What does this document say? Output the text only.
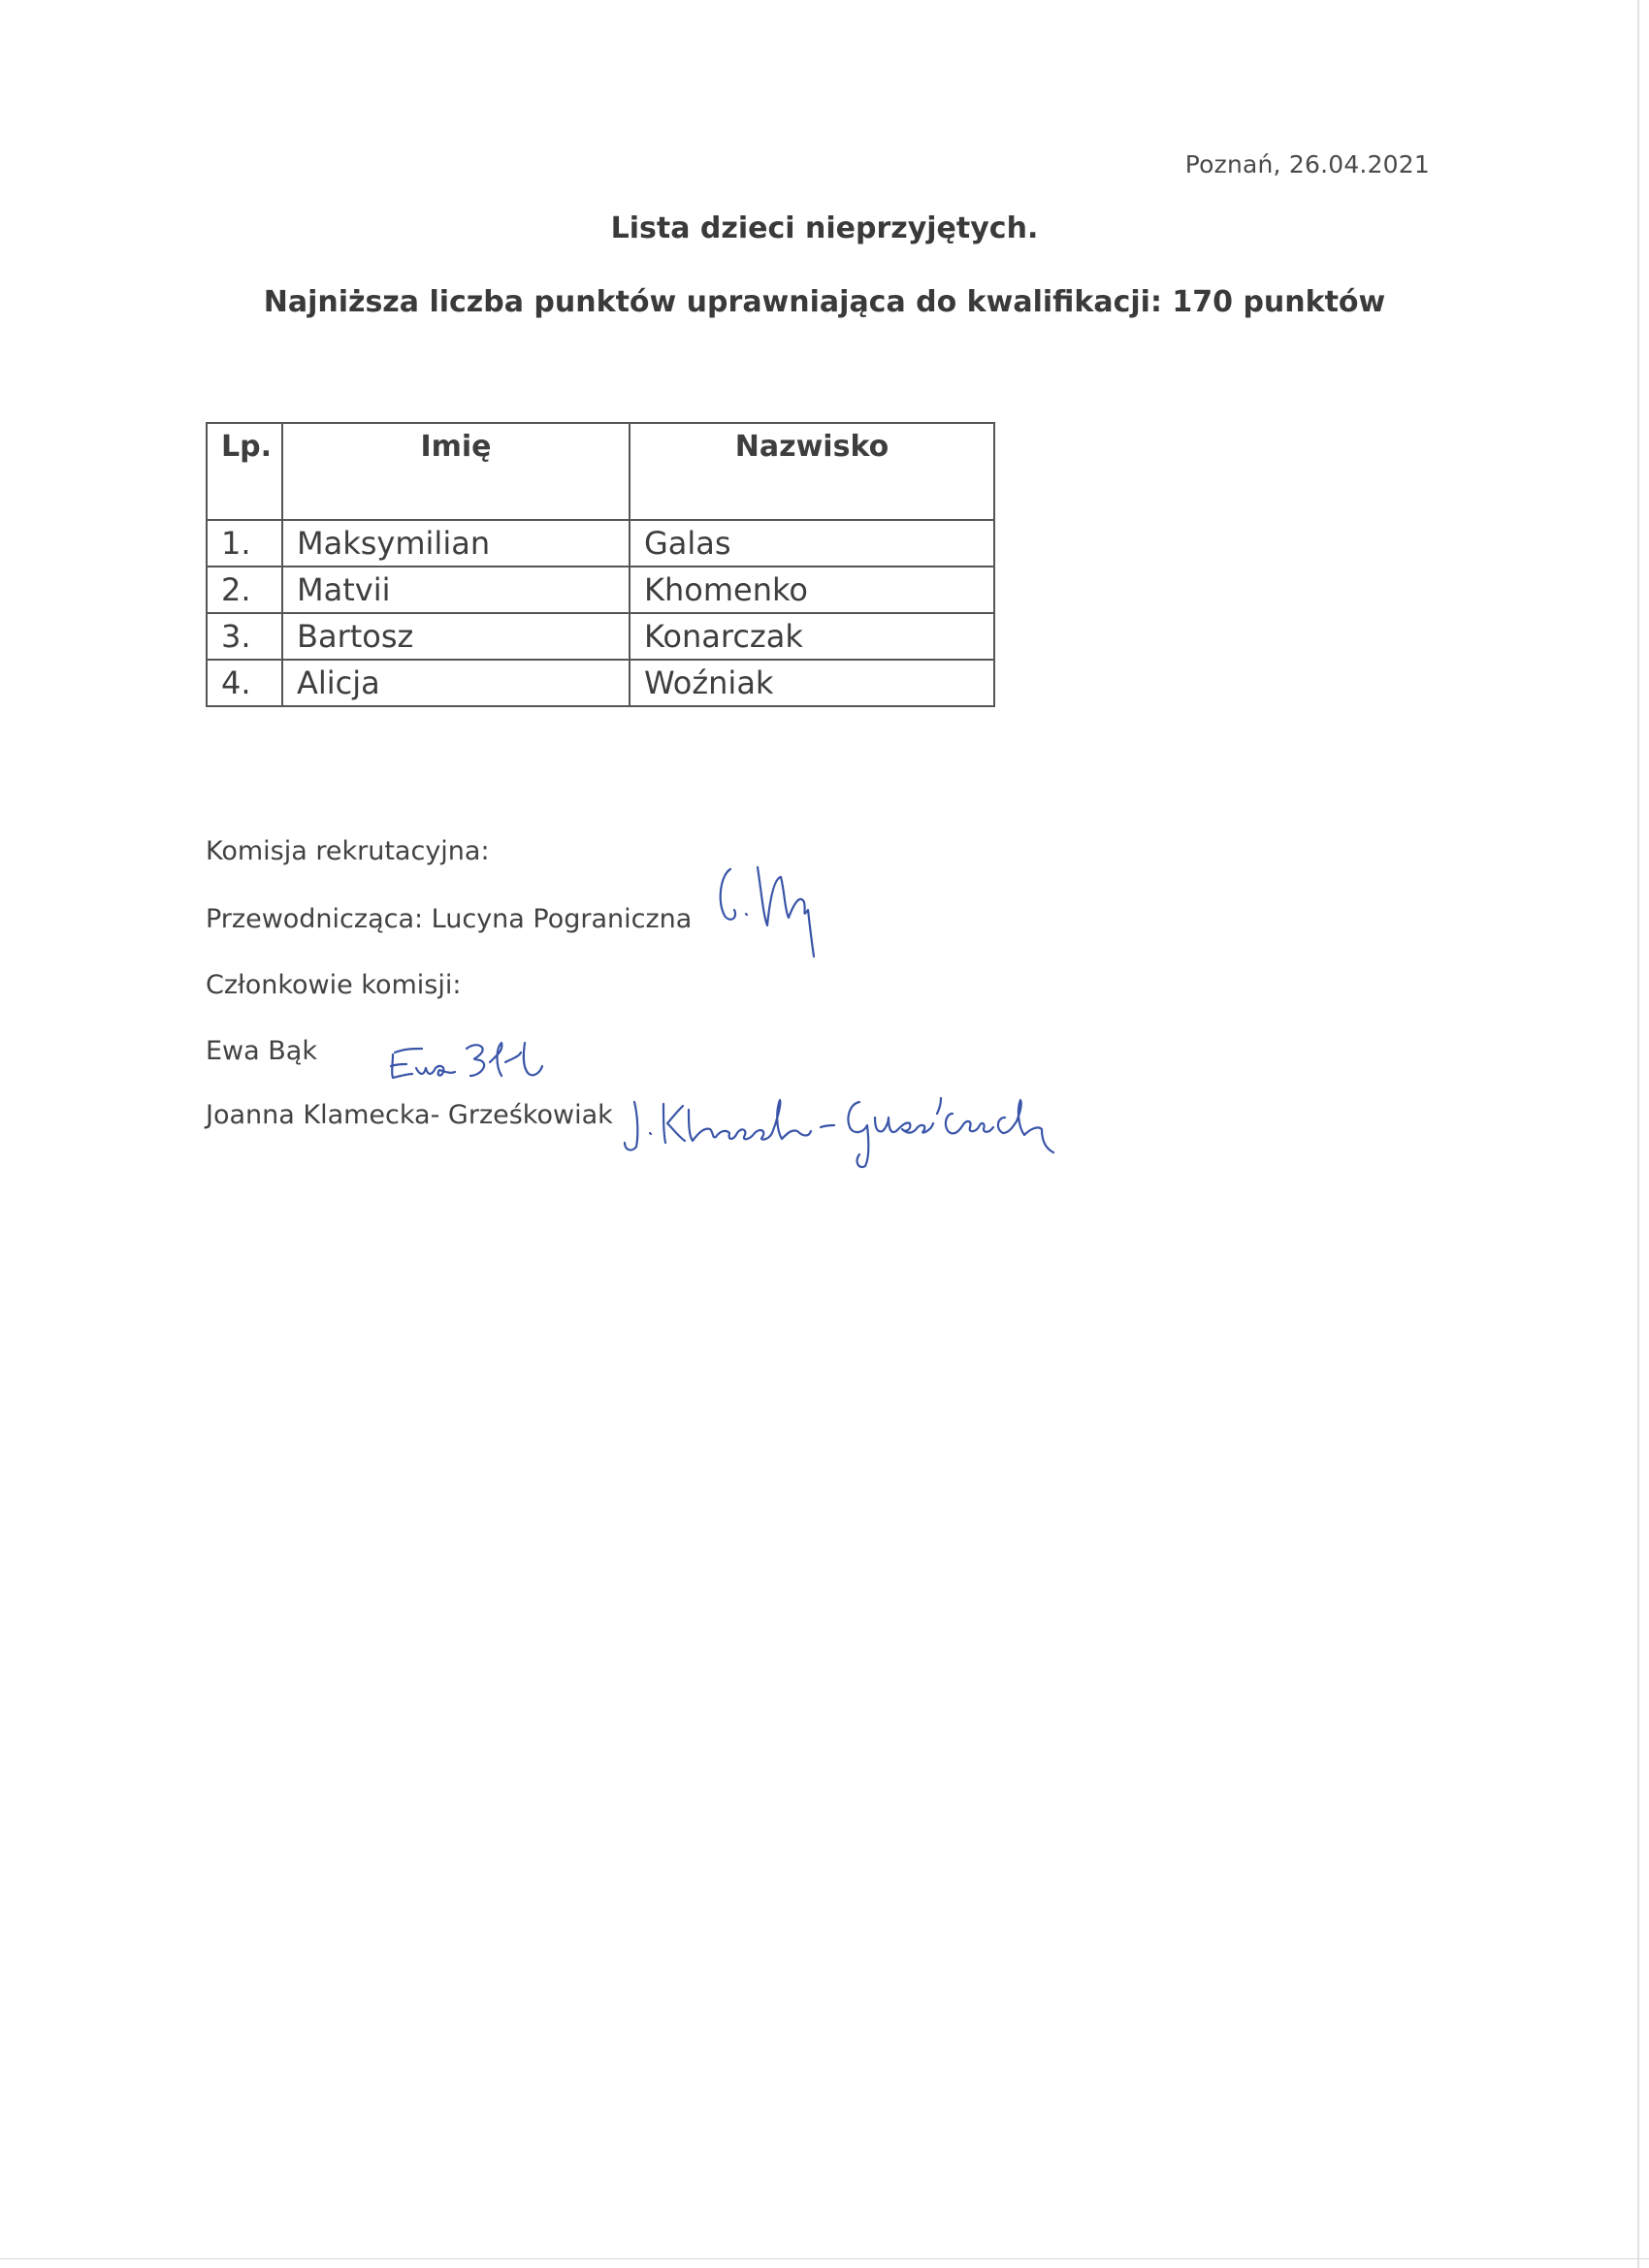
Poznań, 26.04.2021
Lista dzieci nieprzyjętych.
Najniższa liczba punktów uprawniająca do kwalifikacji: 170 punktów
Lp.	Imię	Nazwisko
1.	Maksymilian	Galas
2.	Matvii	Khomenko
3.	Bartosz	Konarczak
4.	Alicja	Woźniak
Komisja rekrutacyjna:
Przewodnicząca: Lucyna Pograniczna
Członkowie komisji:
Ewa Bąk
Joanna Klamecka- Grześkowiak
